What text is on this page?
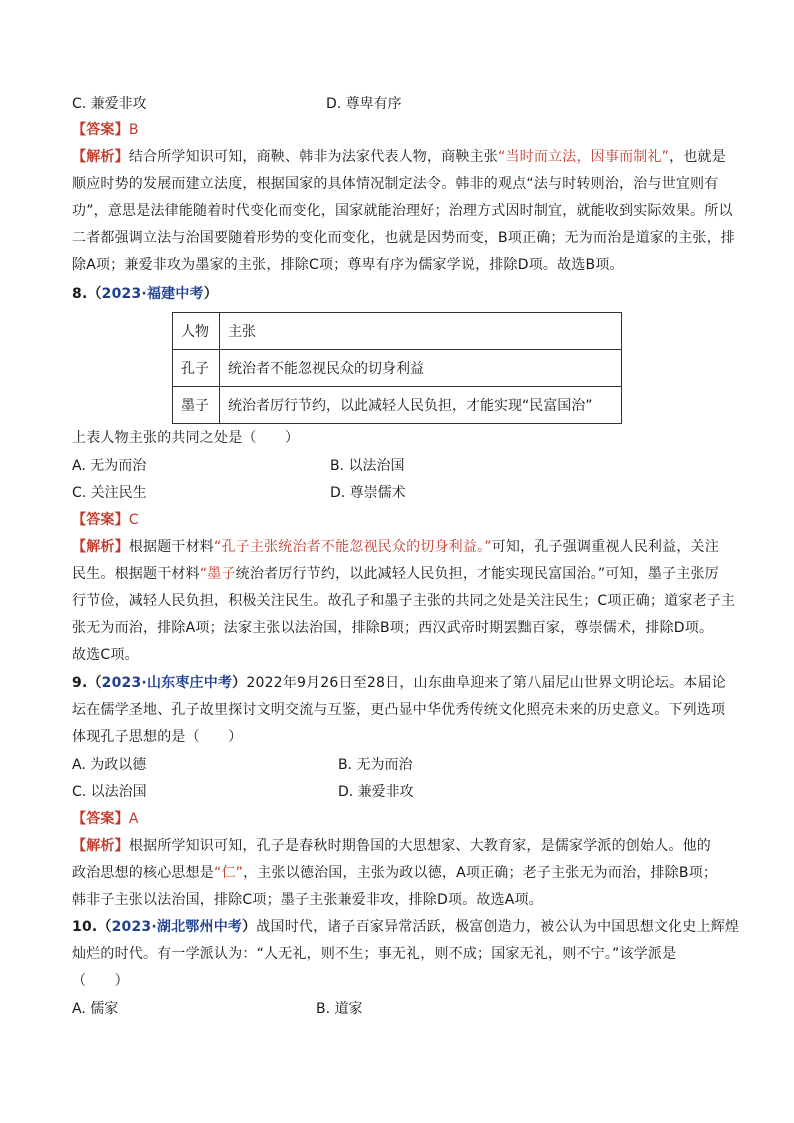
C. 兼爱非攻	D. 尊卑有序
【答案】B
【解析】结合所学知识可知，商鞅、韩非为法家代表人物，商鞅主张“当时而立法，因事而制礼”，也就是
顺应时势的发展而建立法度，根据国家的具体情况制定法令。韩非的观点“法与时转则治，治与世宜则有
功”，意思是法律能随着时代变化而变化，国家就能治理好；治理方式因时制宜，就能收到实际效果。所以
二者都强调立法与治国要随着形势的变化而变化，也就是因势而变，B项正确；无为而治是道家的主张，排
除A项；兼爱非攻为墨家的主张，排除C项；尊卑有序为儒家学说，排除D项。故选B项。
8.（2023·福建中考）
人物	主张
孔子	统治者不能忽视民众的切身利益
墨子	统治者厉行节约，以此减轻人民负担，才能实现“民富国治”
上表人物主张的共同之处是（　　）
A. 无为而治	B. 以法治国
C. 关注民生	D. 尊崇儒术
【答案】C
【解析】根据题干材料“孔子主张统治者不能忽视民众的切身利益。”可知，孔子强调重视人民利益，关注
民生。根据题干材料“墨子统治者厉行节约，以此减轻人民负担，才能实现民富国治。”可知，墨子主张厉
行节俭，减轻人民负担，积极关注民生。故孔子和墨子主张的共同之处是关注民生；C项正确；道家老子主
张无为而治，排除A项；法家主张以法治国，排除B项；西汉武帝时期罢黜百家，尊崇儒术，排除D项。
故选C项。
9.（2023·山东枣庄中考）2022年9月26日至28日，山东曲阜迎来了第八届尼山世界文明论坛。本届论
坛在儒学圣地、孔子故里探讨文明交流与互鉴，更凸显中华优秀传统文化照亮未来的历史意义。下列选项
体现孔子思想的是（　　）
A. 为政以德	B. 无为而治
C. 以法治国	D. 兼爱非攻
【答案】A
【解析】根据所学知识可知，孔子是春秋时期鲁国的大思想家、大教育家，是儒家学派的创始人。他的
政治思想的核心思想是“仁”，主张以德治国，主张为政以德，A项正确；老子主张无为而治，排除B项；
韩非子主张以法治国，排除C项；墨子主张兼爱非攻，排除D项。故选A项。
10.（2023·湖北鄂州中考）战国时代，诸子百家异常活跃，极富创造力，被公认为中国思想文化史上辉煌
灿烂的时代。有一学派认为：“人无礼，则不生；事无礼，则不成；国家无礼，则不宁。”该学派是
（　　）
A. 儒家	B. 道家
